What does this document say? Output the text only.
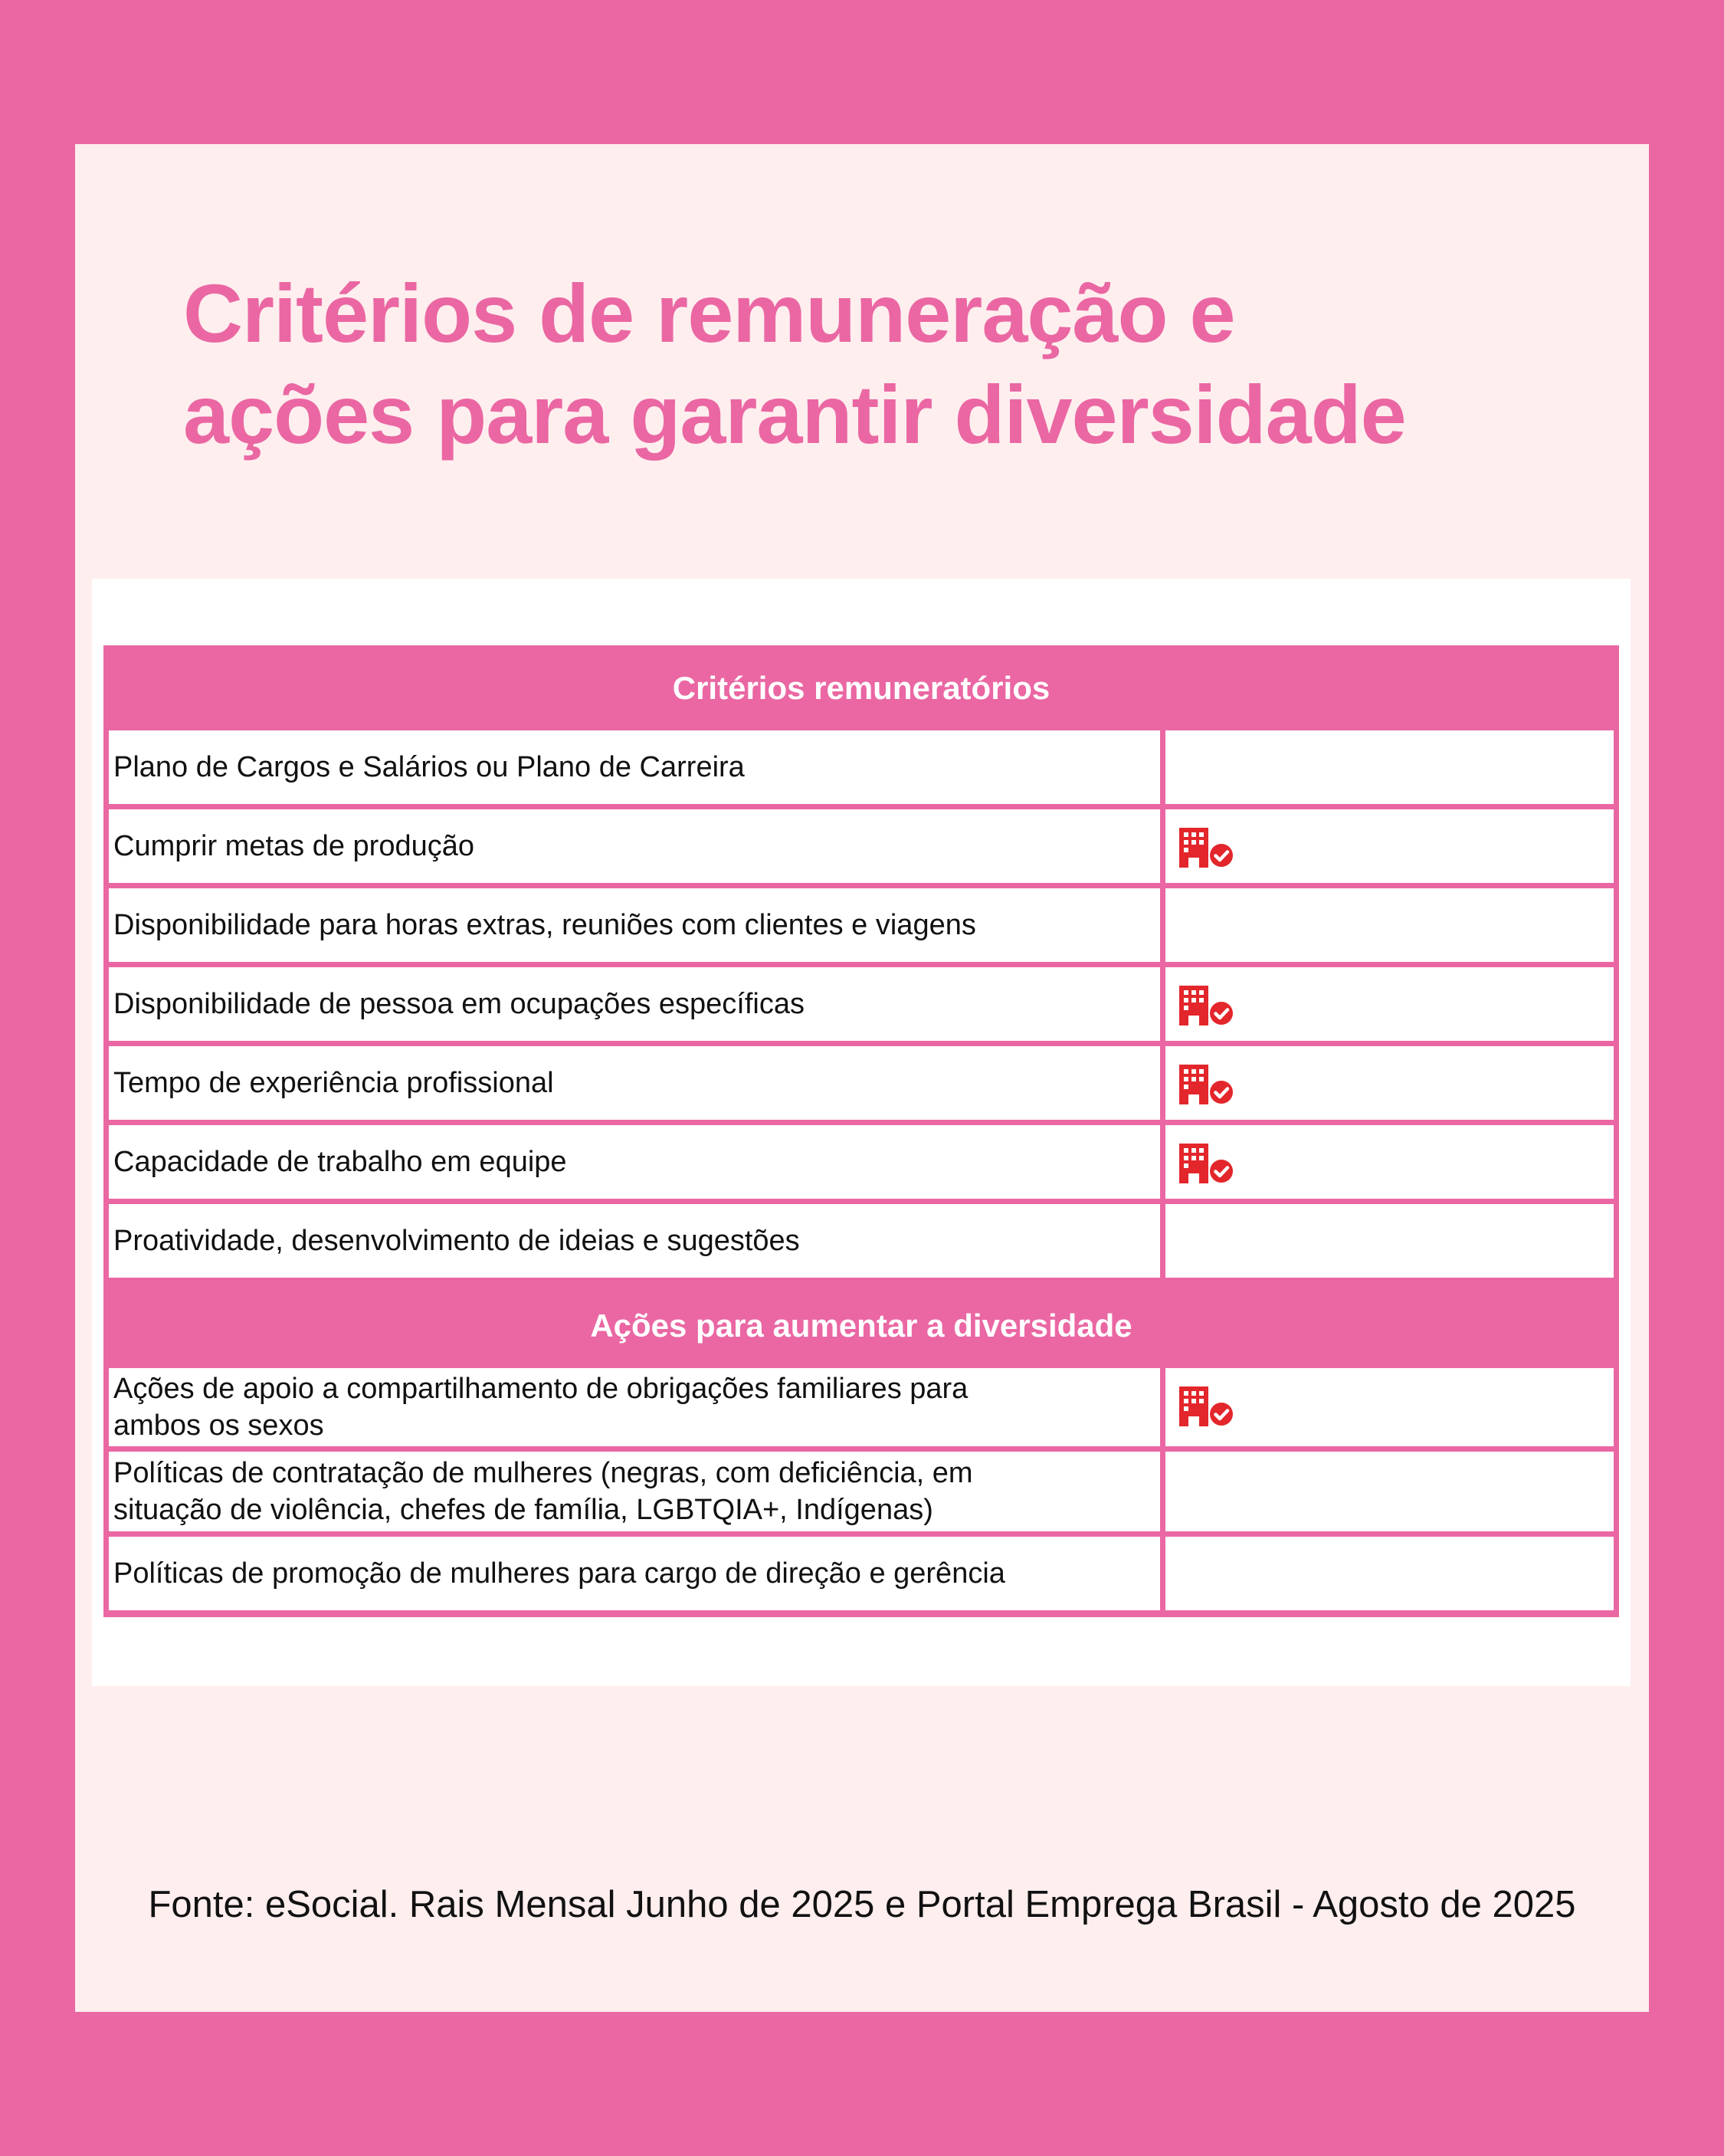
Critérios de remuneração e
ações para garantir diversidade
Critérios remuneratórios
Plano de Cargos e Salários ou Plano de Carreira
Cumprir metas de produção
Disponibilidade para horas extras, reuniões com clientes e viagens
Disponibilidade de pessoa em ocupações específicas
Tempo de experiência profissional
Capacidade de trabalho em equipe
Proatividade, desenvolvimento de ideias e sugestões
Ações para aumentar a diversidade
Ações de apoio a compartilhamento de obrigações familiares para
ambos os sexos
Políticas de contratação de mulheres (negras, com deficiência, em
situação de violência, chefes de família, LGBTQIA+, Indígenas)
Políticas de promoção de mulheres para cargo de direção e gerência
Fonte: eSocial. Rais Mensal Junho de 2025 e Portal Emprega Brasil - Agosto de 2025
